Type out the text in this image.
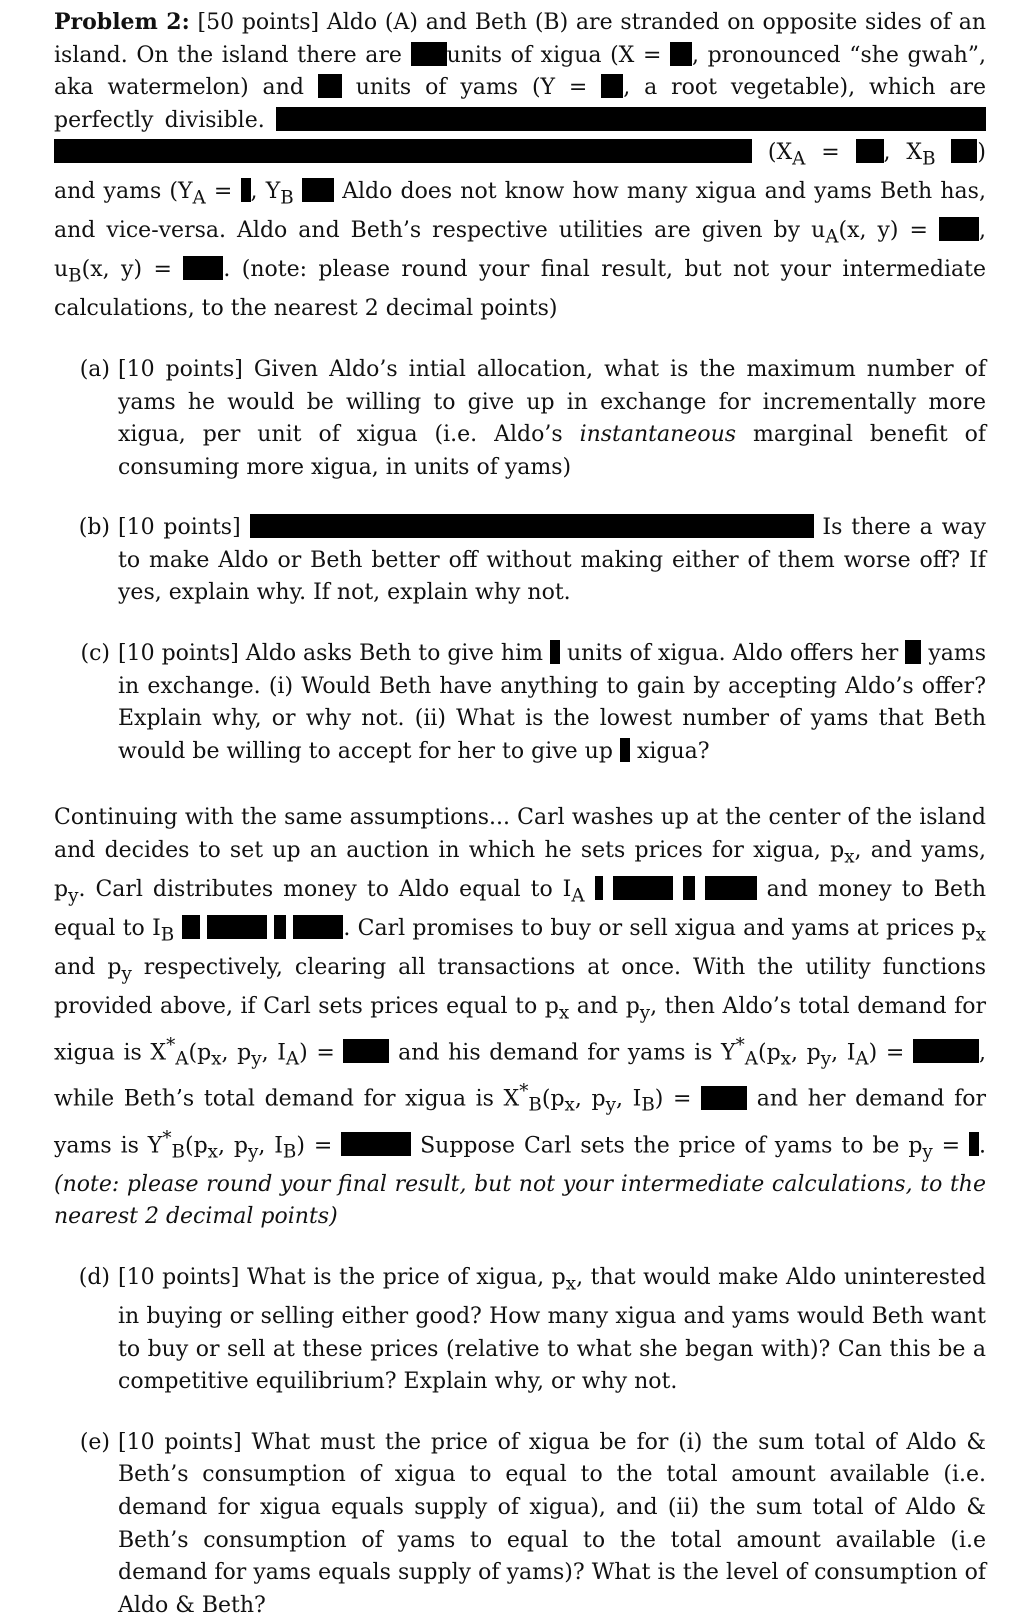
Problem 2: [50 points] Aldo (A) and Beth (B) are stranded on opposite sides of an island. On the island there are units of xigua (X = , pronounced “she gwah”, aka watermelon) and units of yams (Y = , a root vegetable), which are perfectly divisible.   ($X_A$ = , $X_B$ ) and yams ($Y_A$ = , $Y_B$ Aldo does not know how many xigua and yams Beth has, and vice-versa. Aldo and Beth’s respective utilities are given by $u_A(x$, y) = , $u_B(x$, y) = . (note: please round your final result, but not your intermediate calculations, to the nearest 2 decimal points)

(a) [10 points] Given Aldo’s intial allocation, what is the maximum number of yams he would be willing to give up in exchange for incrementally more xigua, per unit of xigua (i.e. Aldo’s instantaneous marginal benefit of consuming more xigua, in units of yams)
(b) [10 points]	Is there a way to make Aldo or Beth better off without making either of them worse off? If yes, explain why. If not, explain why not.
(c) [10 points] Aldo asks Beth to give him units of xigua. Aldo offers her yams in exchange. (i) Would Beth have anything to gain by accepting Aldo’s offer? Explain why, or why not. (ii) What is the lowest number of yams that Beth would be willing to accept for her to give up xigua?

Continuing with the same assumptions... Carl washes up at the center of the island and decides to set up an auction in which he sets prices for xigua, $p_x$, and yams, $p_y$. Carl distributes money to Aldo equal to $I_A$	and money to Beth equal to $I_B$	. Carl promises to buy or sell xigua and yams at prices $p_x$ and $p_y$ respectively, clearing all transactions at once. With the utility functions provided above, if Carl sets prices equal to $p_x$ and $p_y$, then Aldo’s total demand for xigua is $X^*_A(p_x$, $p_y$, $I_A$) =	and his demand for yams is $Y^*_A(p_x$, $p_y$, $I_A$) =	, while Beth’s total demand for xigua is $X^*_B(p_x$, $p_y$, $I_B$) =	and her demand for yams is $Y^*_B(p_x$, $p_y$, $I_B$) =	Suppose Carl sets the price of yams to be $p_y$ = . (note: please round your final result, but not your intermediate calculations, to the nearest 2 decimal points)

(d) [10 points] What is the price of xigua, $p_x$, that would make Aldo uninterested in buying or selling either good? How many xigua and yams would Beth want to buy or sell at these prices (relative to what she began with)? Can this be a competitive equilibrium? Explain why, or why not.
(e) [10 points] What must the price of xigua be for (i) the sum total of Aldo & Beth’s consumption of xigua to equal to the total amount available (i.e. demand for xigua equals supply of xigua), and (ii) the sum total of Aldo & Beth’s consumption of yams to equal to the total amount available (i.e demand for yams equals supply of yams)? What is the level of consumption of Aldo & Beth?
